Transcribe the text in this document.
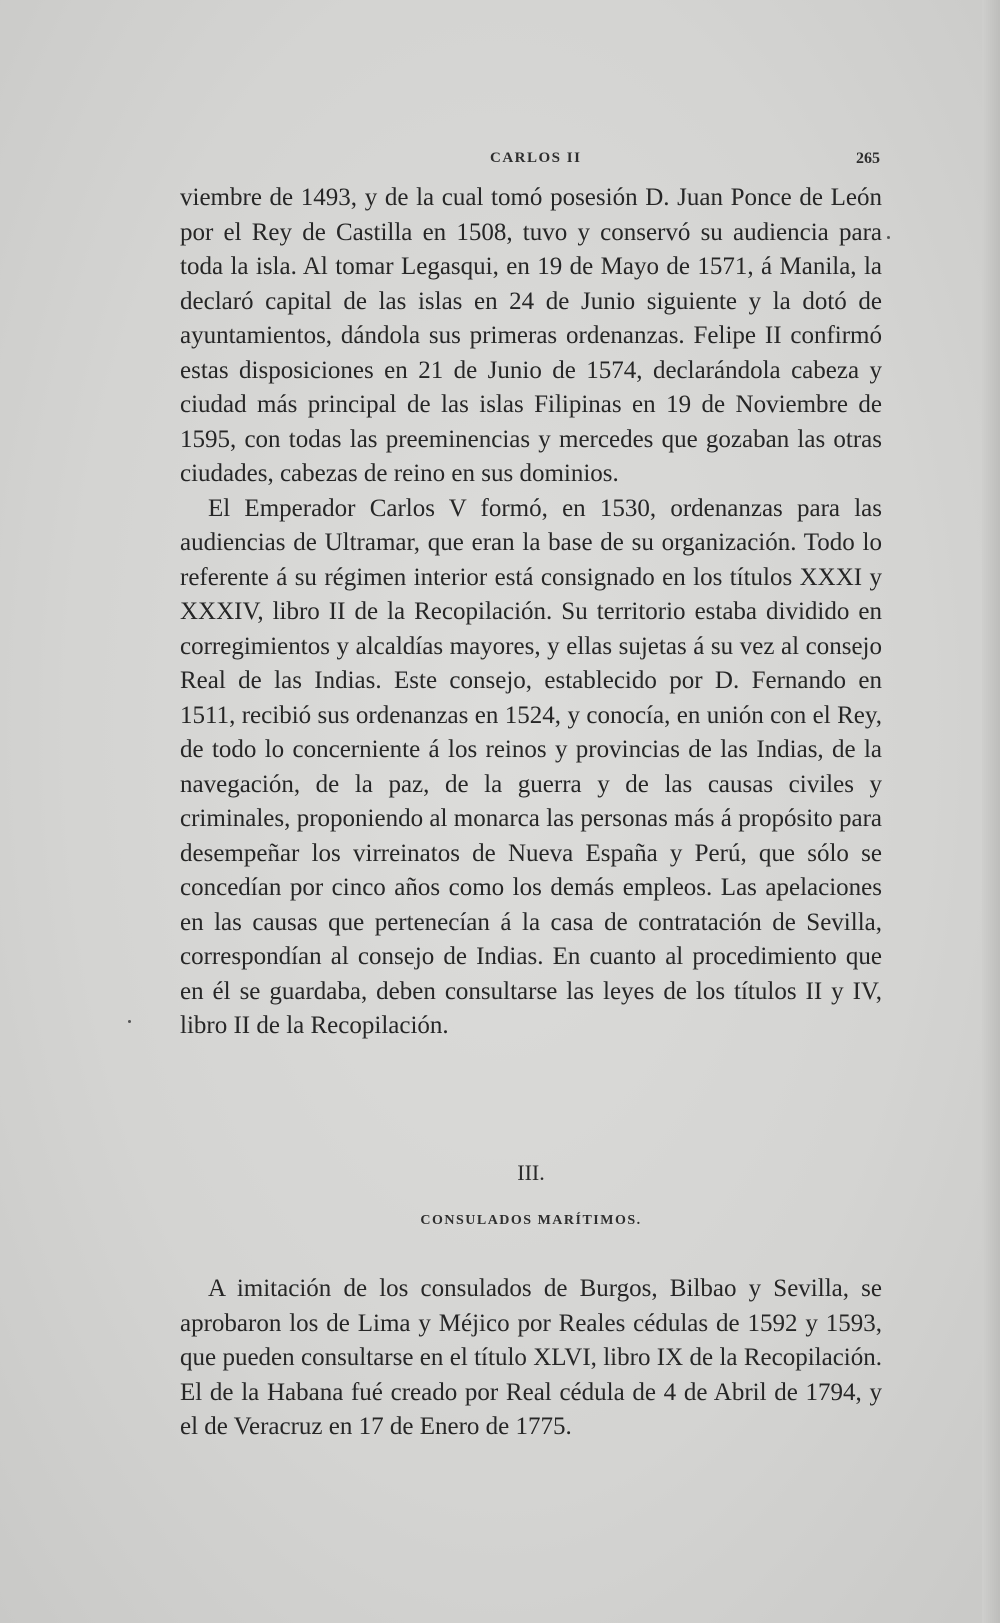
CARLOS II	265

viembre de 1493, y de la cual tomó posesión D. Juan Ponce de León por el Rey de Castilla en 1508, tuvo y conservó su audiencia para toda la isla. Al tomar Legasqui, en 19 de Mayo de 1571, á Manila, la declaró capital de las islas en 24 de Junio siguiente y la dotó de ayuntamientos, dándola sus primeras ordenanzas. Felipe II confirmó estas disposiciones en 21 de Junio de 1574, declarándola cabeza y ciudad más principal de las islas Filipinas en 19 de Noviembre de 1595, con todas las preeminencias y mercedes que gozaban las otras ciudades, cabezas de reino en sus dominios.

El Emperador Carlos V formó, en 1530, ordenanzas para las audiencias de Ultramar, que eran la base de su organización. Todo lo referente á su régimen interior está consignado en los títulos XXXI y XXXIV, libro II de la Recopilación. Su territorio estaba dividido en corregimientos y alcaldías mayores, y ellas sujetas á su vez al consejo Real de las Indias. Este consejo, establecido por D. Fernando en 1511, recibió sus ordenanzas en 1524, y conocía, en unión con el Rey, de todo lo concerniente á los reinos y provincias de las Indias, de la navegación, de la paz, de la guerra y de las causas civiles y criminales, proponiendo al monarca las personas más á propósito para desempeñar los virreinatos de Nueva España y Perú, que sólo se concedían por cinco años como los demás empleos. Las apelaciones en las causas que pertenecían á la casa de contratación de Sevilla, correspondían al consejo de Indias. En cuanto al procedimiento que en él se guardaba, deben consultarse las leyes de los títulos II y IV, libro II de la Recopilación.

III.
CONSULADOS MARÍTIMOS.

A imitación de los consulados de Burgos, Bilbao y Sevilla, se aprobaron los de Lima y Méjico por Reales cédulas de 1592 y 1593, que pueden consultarse en el título XLVI, libro IX de la Recopilación. El de la Habana fué creado por Real cédula de 4 de Abril de 1794, y el de Veracruz en 17 de Enero de 1775.
